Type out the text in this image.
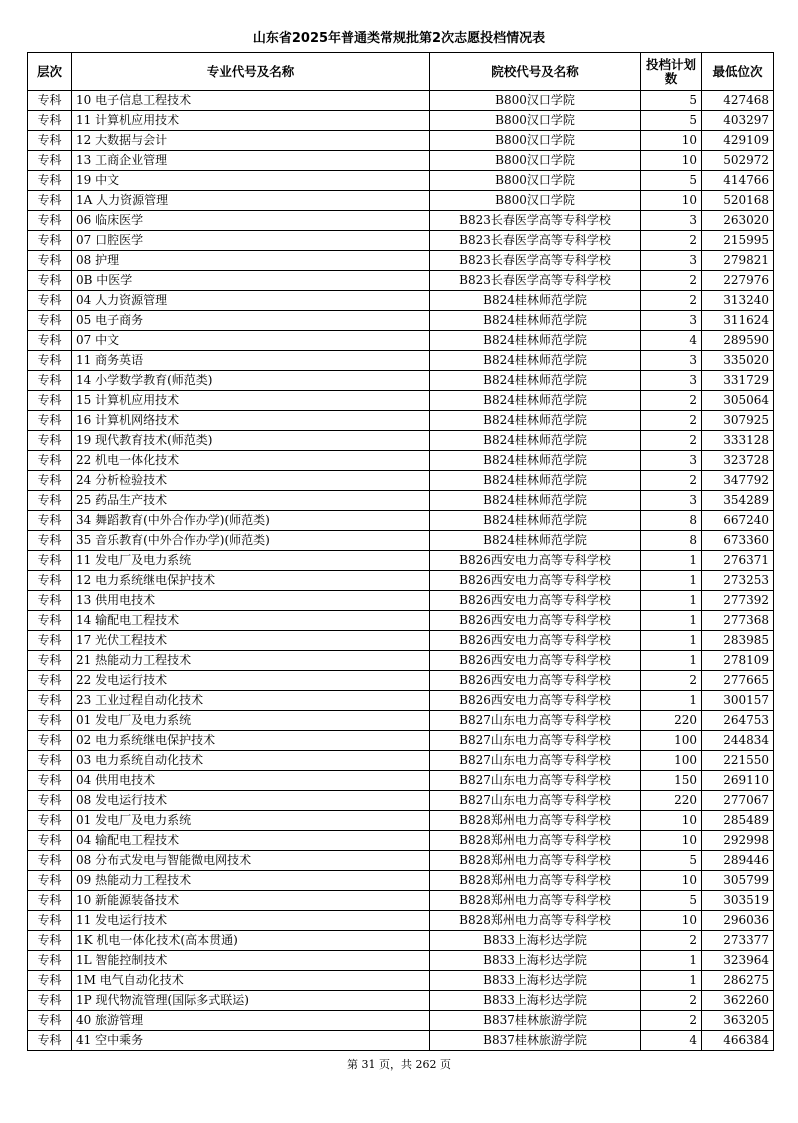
山东省2025年普通类常规批第2次志愿投档情况表
层次	专业代号及名称	院校代号及名称	投档计划数	最低位次
专科	10 电子信息工程技术	B800汉口学院	5	427468
专科	11 计算机应用技术	B800汉口学院	5	403297
专科	12 大数据与会计	B800汉口学院	10	429109
专科	13 工商企业管理	B800汉口学院	10	502972
专科	19 中文	B800汉口学院	5	414766
专科	1A 人力资源管理	B800汉口学院	10	520168
专科	06 临床医学	B823长春医学高等专科学校	3	263020
专科	07 口腔医学	B823长春医学高等专科学校	2	215995
专科	08 护理	B823长春医学高等专科学校	3	279821
专科	0B 中医学	B823长春医学高等专科学校	2	227976
专科	04 人力资源管理	B824桂林师范学院	2	313240
专科	05 电子商务	B824桂林师范学院	3	311624
专科	07 中文	B824桂林师范学院	4	289590
专科	11 商务英语	B824桂林师范学院	3	335020
专科	14 小学数学教育(师范类)	B824桂林师范学院	3	331729
专科	15 计算机应用技术	B824桂林师范学院	2	305064
专科	16 计算机网络技术	B824桂林师范学院	2	307925
专科	19 现代教育技术(师范类)	B824桂林师范学院	2	333128
专科	22 机电一体化技术	B824桂林师范学院	3	323728
专科	24 分析检验技术	B824桂林师范学院	2	347792
专科	25 药品生产技术	B824桂林师范学院	3	354289
专科	34 舞蹈教育(中外合作办学)(师范类)	B824桂林师范学院	8	667240
专科	35 音乐教育(中外合作办学)(师范类)	B824桂林师范学院	8	673360
专科	11 发电厂及电力系统	B826西安电力高等专科学校	1	276371
专科	12 电力系统继电保护技术	B826西安电力高等专科学校	1	273253
专科	13 供用电技术	B826西安电力高等专科学校	1	277392
专科	14 输配电工程技术	B826西安电力高等专科学校	1	277368
专科	17 光伏工程技术	B826西安电力高等专科学校	1	283985
专科	21 热能动力工程技术	B826西安电力高等专科学校	1	278109
专科	22 发电运行技术	B826西安电力高等专科学校	2	277665
专科	23 工业过程自动化技术	B826西安电力高等专科学校	1	300157
专科	01 发电厂及电力系统	B827山东电力高等专科学校	220	264753
专科	02 电力系统继电保护技术	B827山东电力高等专科学校	100	244834
专科	03 电力系统自动化技术	B827山东电力高等专科学校	100	221550
专科	04 供用电技术	B827山东电力高等专科学校	150	269110
专科	08 发电运行技术	B827山东电力高等专科学校	220	277067
专科	01 发电厂及电力系统	B828郑州电力高等专科学校	10	285489
专科	04 输配电工程技术	B828郑州电力高等专科学校	10	292998
专科	08 分布式发电与智能微电网技术	B828郑州电力高等专科学校	5	289446
专科	09 热能动力工程技术	B828郑州电力高等专科学校	10	305799
专科	10 新能源装备技术	B828郑州电力高等专科学校	5	303519
专科	11 发电运行技术	B828郑州电力高等专科学校	10	296036
专科	1K 机电一体化技术(高本贯通)	B833上海杉达学院	2	273377
专科	1L 智能控制技术	B833上海杉达学院	1	323964
专科	1M 电气自动化技术	B833上海杉达学院	1	286275
专科	1P 现代物流管理(国际多式联运)	B833上海杉达学院	2	362260
专科	40 旅游管理	B837桂林旅游学院	2	363205
专科	41 空中乘务	B837桂林旅游学院	4	466384
第 31 页，共 262 页
